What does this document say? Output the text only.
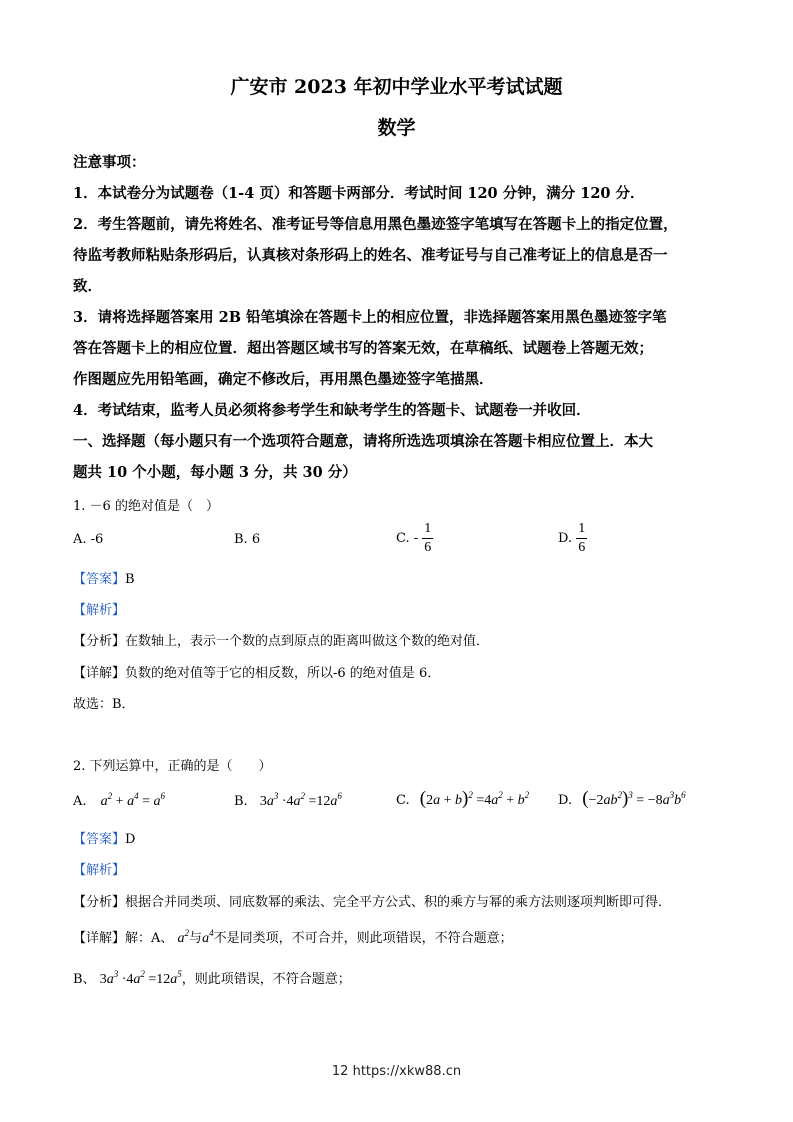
广安市 2023 年初中学业水平考试试题
数学
注意事项：
1．本试卷分为试题卷（1-4 页）和答题卡两部分．考试时间 120 分钟，满分 120 分．
2．考生答题前，请先将姓名、准考证号等信息用黑色墨迹签字笔填写在答题卡上的指定位置，
待监考教师粘贴条形码后，认真核对条形码上的姓名、准考证号与自己准考证上的信息是否一
致．
3．请将选择题答案用 2B 铅笔填涂在答题卡上的相应位置，非选择题答案用黑色墨迹签字笔
答在答题卡上的相应位置．超出答题区域书写的答案无效，在草稿纸、试题卷上答题无效；
作图题应先用铅笔画，确定不修改后，再用黑色墨迹签字笔描黑．
4．考试结束，监考人员必须将参考学生和缺考学生的答题卡、试题卷一并收回．
一、选择题（每小题只有一个选项符合题意，请将所选选项填涂在答题卡相应位置上．本大
题共 10 个小题，每小题 3 分，共 30 分）
1. －6 的绝对值是（　）
A. -6	B. 6	C. - $\frac{1}{6}$	D. $\frac{1}{6}$
【答案】B
【解析】
【分析】在数轴上，表示一个数的点到原点的距离叫做这个数的绝对值．
【详解】负数的绝对值等于它的相反数，所以-6 的绝对值是 6．
故选：B．
2. 下列运算中，正确的是（　　）
A. $a^2 + a^4 = a^6$	B. $3a^3 \cdot 4a^2 =12a^6$	C. $(2a + b)^2 =4a^2 + b^2$ D. $(-2ab^2)^3 = -8a^3b^6$
【答案】D
【解析】
【分析】根据合并同类项、同底数幂的乘法、完全平方公式、积的乘方与幂的乘方法则逐项判断即可得．
【详解】解：A、 $a^2$与$a^4$不是同类项，不可合并，则此项错误，不符合题意；
B、 $3a^3 \cdot 4a^2 =12a^5$，则此项错误，不符合题意；
12 https://xkw88.cn
